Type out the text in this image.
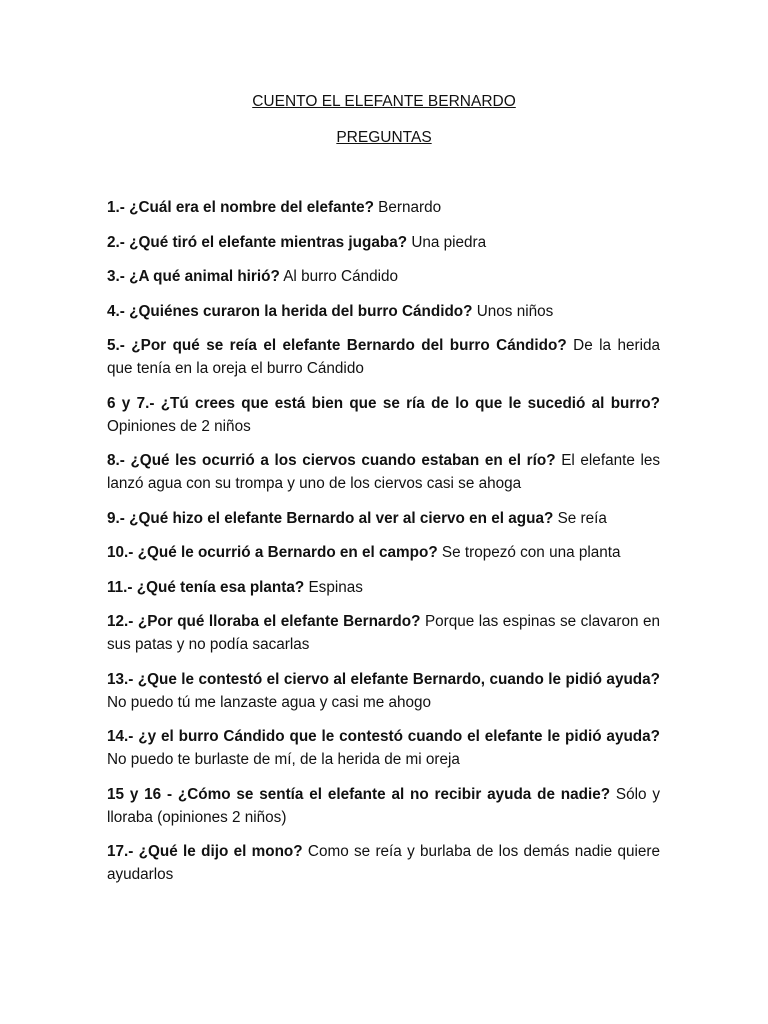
CUENTO EL ELEFANTE BERNARDO
PREGUNTAS

1.- ¿Cuál era el nombre del elefante? Bernardo

2.- ¿Qué tiró el elefante mientras jugaba? Una piedra

3.- ¿A qué animal hirió? Al burro Cándido

4.- ¿Quiénes curaron la herida del burro Cándido? Unos niños

5.- ¿Por qué se reía el elefante Bernardo del burro Cándido? De la herida que tenía en la oreja el burro Cándido

6 y 7.- ¿Tú crees que está bien que se ría de lo que le sucedió al burro? Opiniones de 2 niños

8.- ¿Qué les ocurrió a los ciervos cuando estaban en el río? El elefante les lanzó agua con su trompa y uno de los ciervos casi se ahoga

9.- ¿Qué hizo el elefante Bernardo al ver al ciervo en el agua? Se reía

10.- ¿Qué le ocurrió a Bernardo en el campo? Se tropezó con una planta

11.- ¿Qué tenía esa planta? Espinas

12.- ¿Por qué lloraba el elefante Bernardo? Porque las espinas se clavaron en sus patas y no podía sacarlas

13.- ¿Que le contestó el ciervo al elefante Bernardo, cuando le pidió ayuda? No puedo tú me lanzaste agua y casi me ahogo

14.- ¿y el burro Cándido que le contestó cuando el elefante le pidió ayuda? No puedo te burlaste de mí, de la herida de mi oreja

15 y 16 - ¿Cómo se sentía el elefante al no recibir ayuda de nadie? Sólo y lloraba (opiniones 2 niños)

17.- ¿Qué le dijo el mono? Como se reía y burlaba de los demás nadie quiere ayudarlos
